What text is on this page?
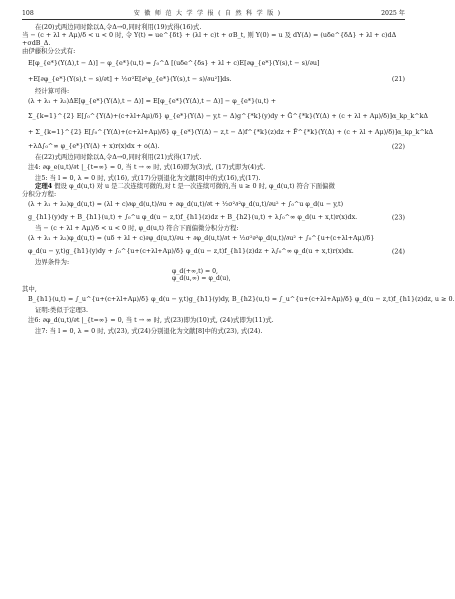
108	安 徽 师 范 大 学 学 报 ( 自 然 科 学 版 )	2025 年

在(20)式两边同时除以Δ,令Δ→0,同时利用(19)式得(16)式.

当 − (c + λl + Aμ)/δ < u < 0 时, 令 Y(t) = ue^{δt} + (λl + c)t + σB_t, 则 Y(0) = u 及 dY(Δ) = (uδe^{δΔ} + λl + c)dΔ

+σdB_Δ.

由伊藤积分公式有:

E[φ_{e*}(Y(Δ),t − Δ)] − φ_{e*}(u,t) = ∫₀^Δ [(uδe^{δs} + λl + c)E[∂φ_{e*}(Y(s),t − s)/∂u]
+E[∂φ_{e*}(Y(s),t − s)/∂t] + ½σ²E[∂²φ_{e*}(Y(s),t − s)/∂u²]]ds.	(21)

经计算可得:

(λ + λ₁ + λ₂)ΔE[φ_{e*}(Y(Δ),t − Δ)] = E[φ_{e*}(Y(Δ),t − Δ)] − φ_{e*}(u,t) +
Σ_{k=1}^{2} E[∫₀^{Y(Δ)+(c+λl+Aμ)/δ} φ_{e*}(Y(Δ) − y,t − Δ)g^{*k}(y)dy + Ḡ^{*k}(Y(Δ) + (c + λl + Aμ)/δ)]α_kρ_k^kΔ
+ Σ_{k=1}^{2} E[∫₀^{Y(Δ)+(c+λl+Aμ)/δ} φ_{e*}(Y(Δ) − z,t − Δ)f^{*k}(z)dz + F̄^{*k}(Y(Δ) + (c + λl + Aμ)/δ)]α_kρ_k^kΔ
+λΔ∫₀^∞ φ_{e*}(Y(Δ) + x)r(x)dx + o(Δ).	(22)

在(22)式两边同时除以Δ,令Δ→0,同时利用(21)式得(17)式.

注4: ∂φ_e(u,t)/∂t |_{t=∞} = 0, 当 t → ∞ 时, 式(16)即为(3)式, (17)式即为(4)式.

注5: 当 l = 0, λ = 0 时, 式(16), 式(17)分别退化为文献[8]中的式(16),式(17).

定理4 假设 φ_d(u,t) 对 u 是二次连续可微的,对 t 是一次连续可微的,当 u ≥ 0 时, φ_d(u,t) 符合下面偏微

分积分方程:

(λ + λ₁ + λ₂)φ_d(u,t) = (λl + c)∂φ_d(u,t)/∂u + ∂φ_d(u,t)/∂t + ½σ²∂²φ_d(u,t)/∂u² + ∫₀^u φ_d(u − y,t)
g_{h1}(y)dy + B_{h1}(u,t) + ∫₀^u φ_d(u − z,t)f_{h1}(z)dz + B_{h2}(u,t) + λ∫₀^∞ φ_d(u + x,t)r(x)dx.	(23)

当 − (c + λl + Aμ)/δ < u < 0 时, φ_d(u,t) 符合下面偏微分积分方程:

(λ + λ₁ + λ₂)φ_d(u,t) = (uδ + λl + c)∂φ_d(u,t)/∂u + ∂φ_d(u,t)/∂t + ½σ²∂²φ_d(u,t)/∂u² + ∫₀^{u+(c+λl+Aμ)/δ}
φ_d(u − y,t)g_{h1}(y)dy + ∫₀^{u+(c+λl+Aμ)/δ} φ_d(u − z,t)f_{h1}(z)dz + λ∫₀^∞ φ_d(u + x,t)r(x)dx.	(24)

边界条件为:

φ_d(+∞,t) = 0,
φ_d(u,∞) = φ_d(u),

其中,

B_{h1}(u,t) = ∫_u^{u+(c+λl+Aμ)/δ} φ_d(u − y,t)g_{h1}(y)dy, B_{h2}(u,t) = ∫_u^{u+(c+λl+Aμ)/δ} φ_d(u − z,t)f_{h1}(z)dz, u ≥ 0.

证明:类似于定理3.

注6: ∂φ_d(u,t)/∂t |_{t=∞} = 0, 当 t → ∞ 时, 式(23)即为(10)式, (24)式即为(11)式.

注7: 当 l = 0, λ = 0 时, 式(23), 式(24)分别退化为文献[8]中的式(23), 式(24).
